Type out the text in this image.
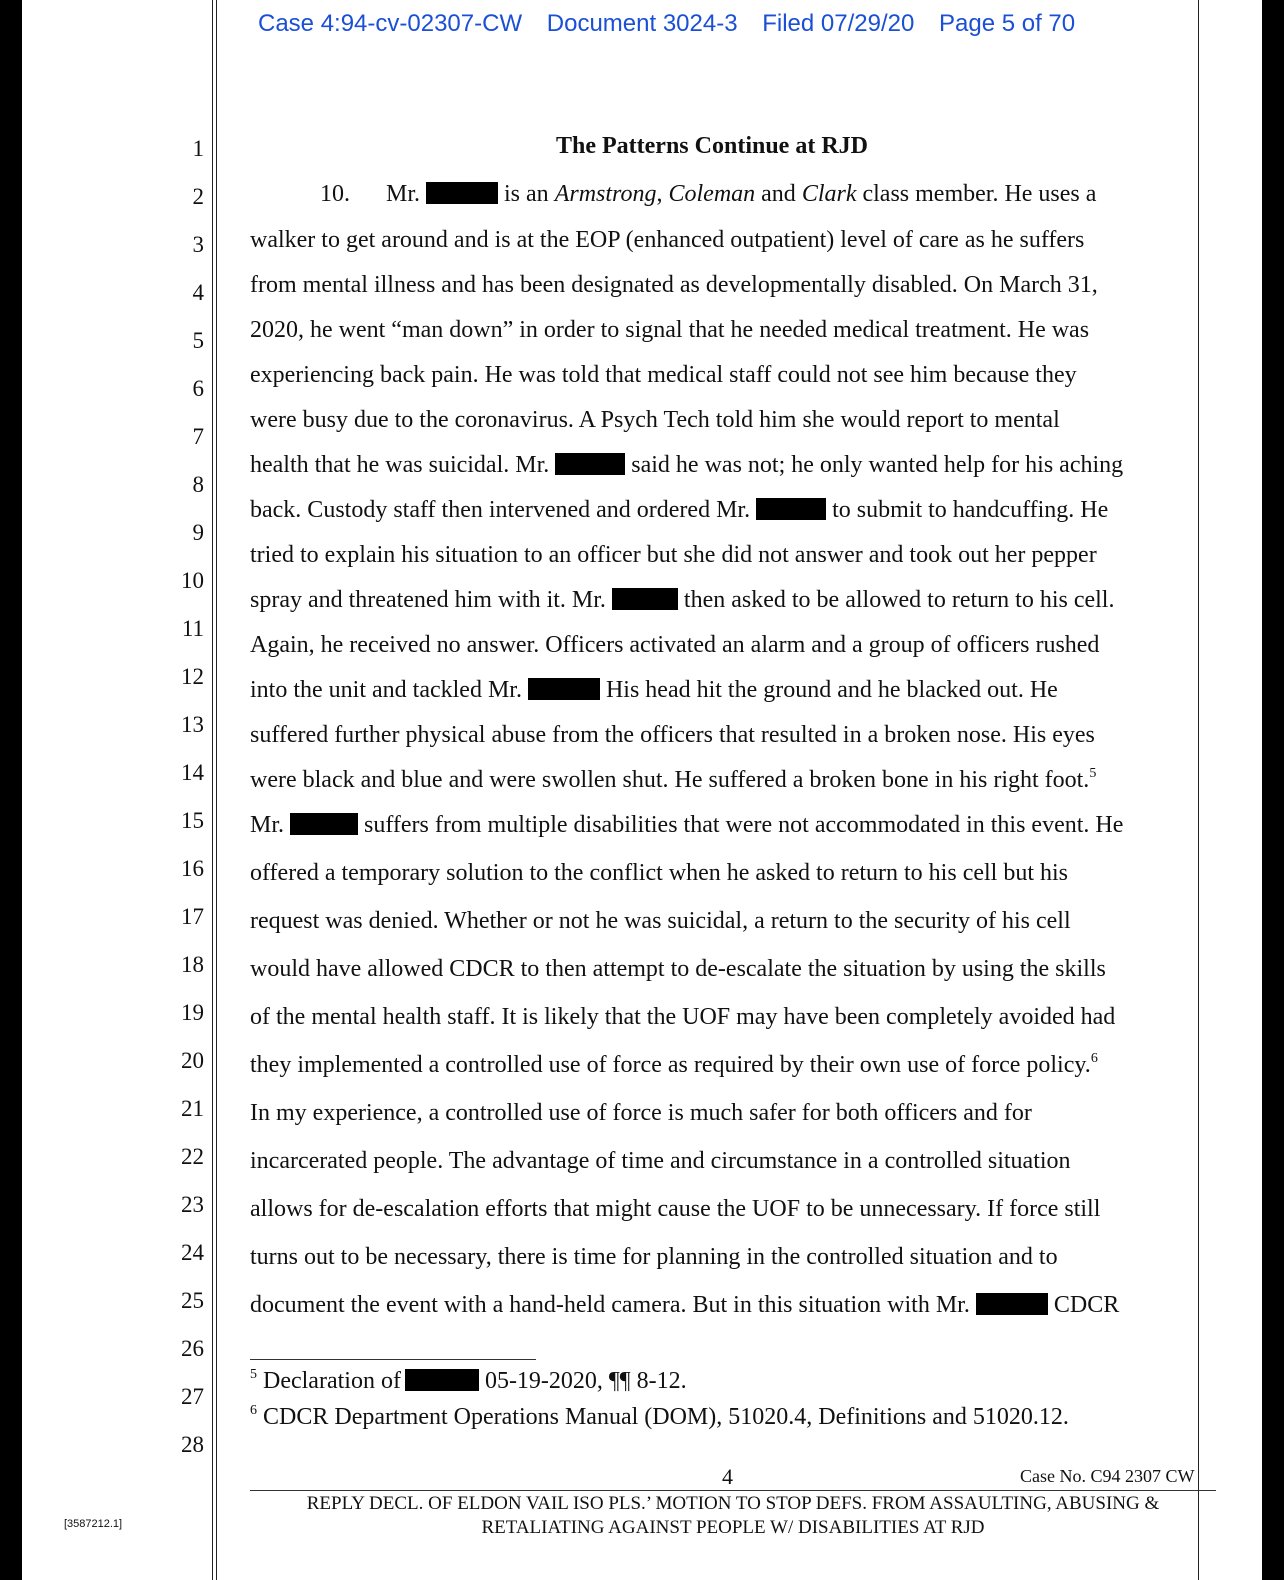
Case 4:94-cv-02307-CW Document 3024-3 Filed 07/29/20 Page 5 of 70
1
2
3
4
5
6
7
8
9
10
11
12
13
14
15
16
17
18
19
20
21
22
23
24
25
26
27
28
The Patterns Continue at RJD
10. Mr.	is an Armstrong, Coleman and Clark class member. He uses a
walker to get around and is at the EOP (enhanced outpatient) level of care as he suffers
from mental illness and has been designated as developmentally disabled. On March 31,
2020, he went “man down” in order to signal that he needed medical treatment. He was
experiencing back pain. He was told that medical staff could not see him because they
were busy due to the coronavirus. A Psych Tech told him she would report to mental
health that he was suicidal. Mr.	said he was not; he only wanted help for his aching
back. Custody staff then intervened and ordered Mr.	to submit to handcuffing. He
tried to explain his situation to an officer but she did not answer and took out her pepper
spray and threatened him with it. Mr.	then asked to be allowed to return to his cell.
Again, he received no answer. Officers activated an alarm and a group of officers rushed
into the unit and tackled Mr.	His head hit the ground and he blacked out. He
suffered further physical abuse from the officers that resulted in a broken nose. His eyes
were black and blue and were swollen shut. He suffered a broken bone in his right foot.$^5$
Mr.	suffers from multiple disabilities that were not accommodated in this event. He
offered a temporary solution to the conflict when he asked to return to his cell but his
request was denied. Whether or not he was suicidal, a return to the security of his cell
would have allowed CDCR to then attempt to de-escalate the situation by using the skills
of the mental health staff. It is likely that the UOF may have been completely avoided had
they implemented a controlled use of force as required by their own use of force policy.$^6$
In my experience, a controlled use of force is much safer for both officers and for
incarcerated people. The advantage of time and circumstance in a controlled situation
allows for de-escalation efforts that might cause the UOF to be unnecessary. If force still
turns out to be necessary, there is time for planning in the controlled situation and to
document the event with a hand-held camera. But in this situation with Mr.	CDCR
$^5$ Declaration of	05-19-2020, ¶¶ 8-12.
$^6$ CDCR Department Operations Manual (DOM), 51020.4, Definitions and 51020.12.
4	Case No. C94 2307 CW
REPLY DECL. OF ELDON VAIL ISO PLS.’ MOTION TO STOP DEFS. FROM ASSAULTING, ABUSING &
RETALIATING AGAINST PEOPLE W/ DISABILITIES AT RJD
[3587212.1]
